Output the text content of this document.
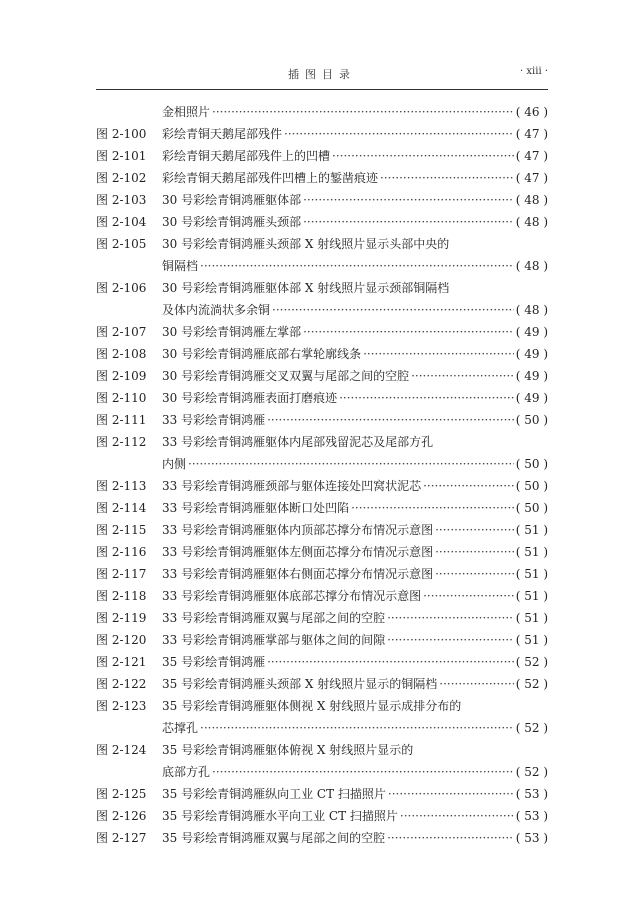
插图目录	· xiii ·
金相照片 ·····	( 46 )
图 2-100	彩绘青铜天鹅尾部残件 ·····	( 47 )
图 2-101	彩绘青铜天鹅尾部残件上的凹槽 ·····	( 47 )
图 2-102	彩绘青铜天鹅尾部残件凹槽上的錾凿痕迹 ·····	( 47 )
图 2-103	30 号彩绘青铜鸿雁躯体部 ·····	( 48 )
图 2-104	30 号彩绘青铜鸿雁头颈部 ·····	( 48 )
图 2-105	30 号彩绘青铜鸿雁头颈部 X 射线照片显示头部中央的
铜隔档 ·····	( 48 )
图 2-106	30 号彩绘青铜鸿雁躯体部 X 射线照片显示颈部铜隔档
及体内流淌状多余铜 ·····	( 48 )
图 2-107	30 号彩绘青铜鸿雁左掌部 ·····	( 49 )
图 2-108	30 号彩绘青铜鸿雁底部右掌轮廓线条 ·····	( 49 )
图 2-109	30 号彩绘青铜鸿雁交叉双翼与尾部之间的空腔 ·····	( 49 )
图 2-110	30 号彩绘青铜鸿雁表面打磨痕迹 ·····	( 49 )
图 2-111	33 号彩绘青铜鸿雁 ·····	( 50 )
图 2-112	33 号彩绘青铜鸿雁躯体内尾部残留泥芯及尾部方孔
内侧 ·····	( 50 )
图 2-113	33 号彩绘青铜鸿雁颈部与躯体连接处凹窝状泥芯 ·····	( 50 )
图 2-114	33 号彩绘青铜鸿雁躯体断口处凹陷 ·····	( 50 )
图 2-115	33 号彩绘青铜鸿雁躯体内顶部芯撑分布情况示意图 ·····	( 51 )
图 2-116	33 号彩绘青铜鸿雁躯体左侧面芯撑分布情况示意图 ·····	( 51 )
图 2-117	33 号彩绘青铜鸿雁躯体右侧面芯撑分布情况示意图 ·····	( 51 )
图 2-118	33 号彩绘青铜鸿雁躯体底部芯撑分布情况示意图 ·····	( 51 )
图 2-119	33 号彩绘青铜鸿雁双翼与尾部之间的空腔 ·····	( 51 )
图 2-120	33 号彩绘青铜鸿雁掌部与躯体之间的间隙 ·····	( 51 )
图 2-121	35 号彩绘青铜鸿雁 ·····	( 52 )
图 2-122	35 号彩绘青铜鸿雁头颈部 X 射线照片显示的铜隔档 ·····	( 52 )
图 2-123	35 号彩绘青铜鸿雁躯体侧视 X 射线照片显示成排分布的
芯撑孔 ·····	( 52 )
图 2-124	35 号彩绘青铜鸿雁躯体俯视 X 射线照片显示的
底部方孔 ·····	( 52 )
图 2-125	35 号彩绘青铜鸿雁纵向工业 CT 扫描照片 ·····	( 53 )
图 2-126	35 号彩绘青铜鸿雁水平向工业 CT 扫描照片 ·····	( 53 )
图 2-127	35 号彩绘青铜鸿雁双翼与尾部之间的空腔 ·····	( 53 )
